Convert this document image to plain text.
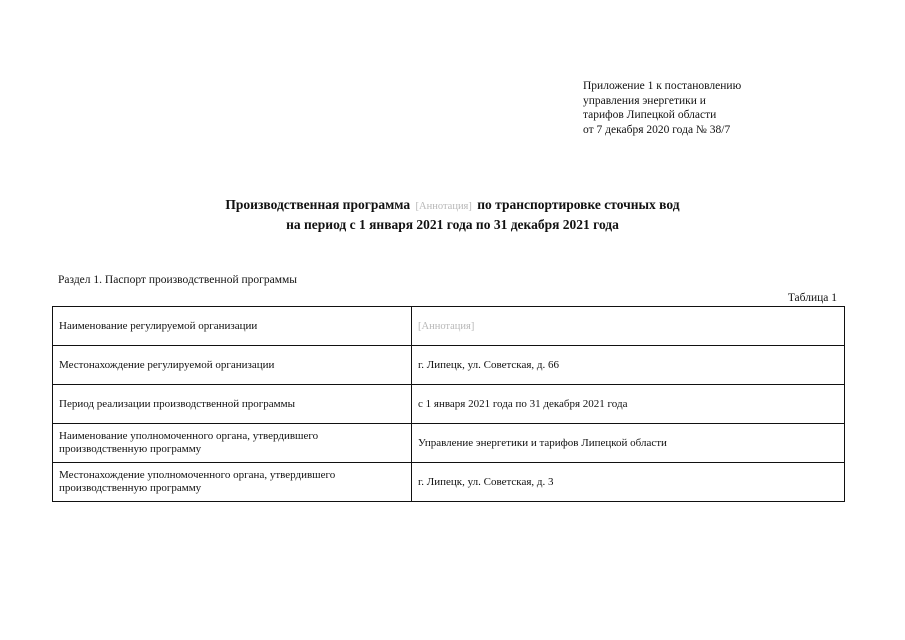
Приложение 1 к постановлению
управления энергетики и
тарифов Липецкой области
от 7 декабря 2020 года № 38/7
Производственная программа [Аннотация] по транспортировке сточных вод
на период с 1 января 2021 года по 31 декабря 2021 года
Раздел 1. Паспорт производственной программы
Таблица 1
Наименование регулируемой организации	[Аннотация]
Местонахождение регулируемой организации	г. Липецк, ул. Советская, д. 66
Период реализации производственной программы	с 1 января 2021 года по 31 декабря 2021 года
Наименование уполномоченного органа, утвердившего производственную программу	Управление энергетики и тарифов Липецкой области
Местонахождение уполномоченного органа, утвердившего производственную программу	г. Липецк, ул. Советская, д. 3
